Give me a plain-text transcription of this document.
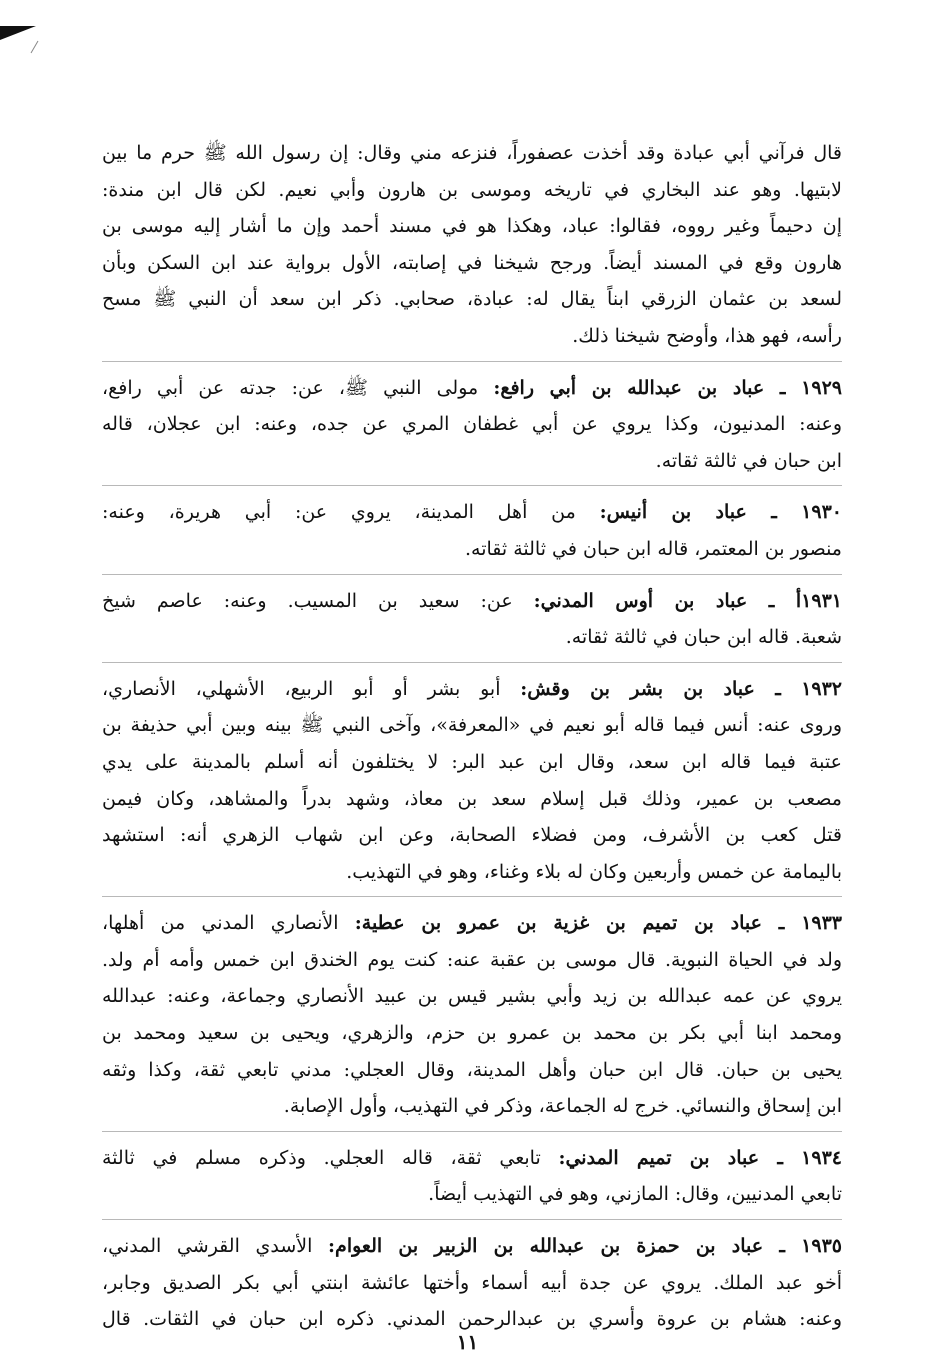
قال فرآني أبي عبادة وقد أخذت عصفوراً، فنزعه مني وقال: إن رسول الله ﷺ حرم ما بين
لابتيها. وهو عند البخاري في تاريخه وموسى بن هارون وأبي نعيم. لكن قال ابن مندة:
إن دحيماً وغير رووه، فقالوا: عباد، وهكذا هو في مسند أحمد وإن ما أشار إليه موسى بن
هارون وقع في المسند أيضاً. ورجح شيخنا في إصابته، الأول برواية عند ابن السكن وبأن
لسعد بن عثمان الزرقي ابناً يقال له: عبادة، صحابي. ذكر ابن سعد أن النبي ﷺ مسح
رأسه، فهو هذا، وأوضح شيخنا ذلك.
١٩٢٩ ـ عباد بن عبدالله بن أبي رافع: مولى النبي ﷺ، عن: جدته عن أبي رافع،
وعنه: المدنيون، وكذا يروي عن أبي غطفان المري عن جده، وعنه: ابن عجلان، قاله
ابن حبان في ثالثة ثقاته.
١٩٣٠ ـ عباد بن أنيس: من أهل المدينة، يروي عن: أبي هريرة، وعنه:
منصور بن المعتمر، قاله ابن حبان في ثالثة ثقاته.
١٩٣١أ ـ عباد بن أوس المدني: عن: سعيد بن المسيب. وعنه: عاصم شيخ
شعبة. قاله ابن حبان في ثالثة ثقاته.
١٩٣٢ ـ عباد بن بشر بن وقش: أبو بشر أو أبو الربيع، الأشهلي، الأنصاري،
وروى عنه: أنس فيما قاله أبو نعيم في «المعرفة»، وآخى النبي ﷺ بينه وبين أبي حذيفة بن
عتبة فيما قاله ابن سعد، وقال ابن عبد البر: لا يختلفون أنه أسلم بالمدينة على يدي
مصعب بن عمير، وذلك قبل إسلام سعد بن معاذ، وشهد بدراً والمشاهد، وكان فيمن
قتل كعب بن الأشرف، ومن فضلاء الصحابة، وعن ابن شهاب الزهري أنه: استشهد
باليمامة عن خمس وأربعين وكان له بلاء وغناء، وهو في التهذيب.
١٩٣٣ ـ عباد بن تميم بن غزية بن عمرو بن عطية: الأنصاري المدني من أهلها،
ولد في الحياة النبوية. قال موسى بن عقبة عنه: كنت يوم الخندق ابن خمس وأمه أم ولد.
يروي عن عمه عبدالله بن زيد وأبي بشير قيس بن عبيد الأنصاري وجماعة، وعنه: عبدالله
ومحمد ابنا أبي بكر بن محمد بن عمرو بن حزم، والزهري، ويحيى بن سعيد ومحمد بن
يحيى بن حبان. قال ابن حبان وأهل المدينة، وقال العجلي: مدني تابعي ثقة، وكذا وثقه
ابن إسحاق والنسائي. خرج له الجماعة، وذكر في التهذيب، وأول الإصابة.
١٩٣٤ ـ عباد بن تميم المدني: تابعي ثقة، قاله العجلي. وذكره مسلم في ثالثة
تابعي المدنيين، وقال: المازني، وهو في التهذيب أيضاً.
١٩٣٥ ـ عباد بن حمزة بن عبدالله بن الزبير بن العوام: الأسدي القرشي المدني،
أخو عبد الملك. يروي عن جدة أبيه أسماء وأختها عائشة ابنتي أبي بكر الصديق وجابر،
وعنه: هشام بن عروة وأسري بن عبدالرحمن المدني. ذكره ابن حبان في الثقات. قال
١١
